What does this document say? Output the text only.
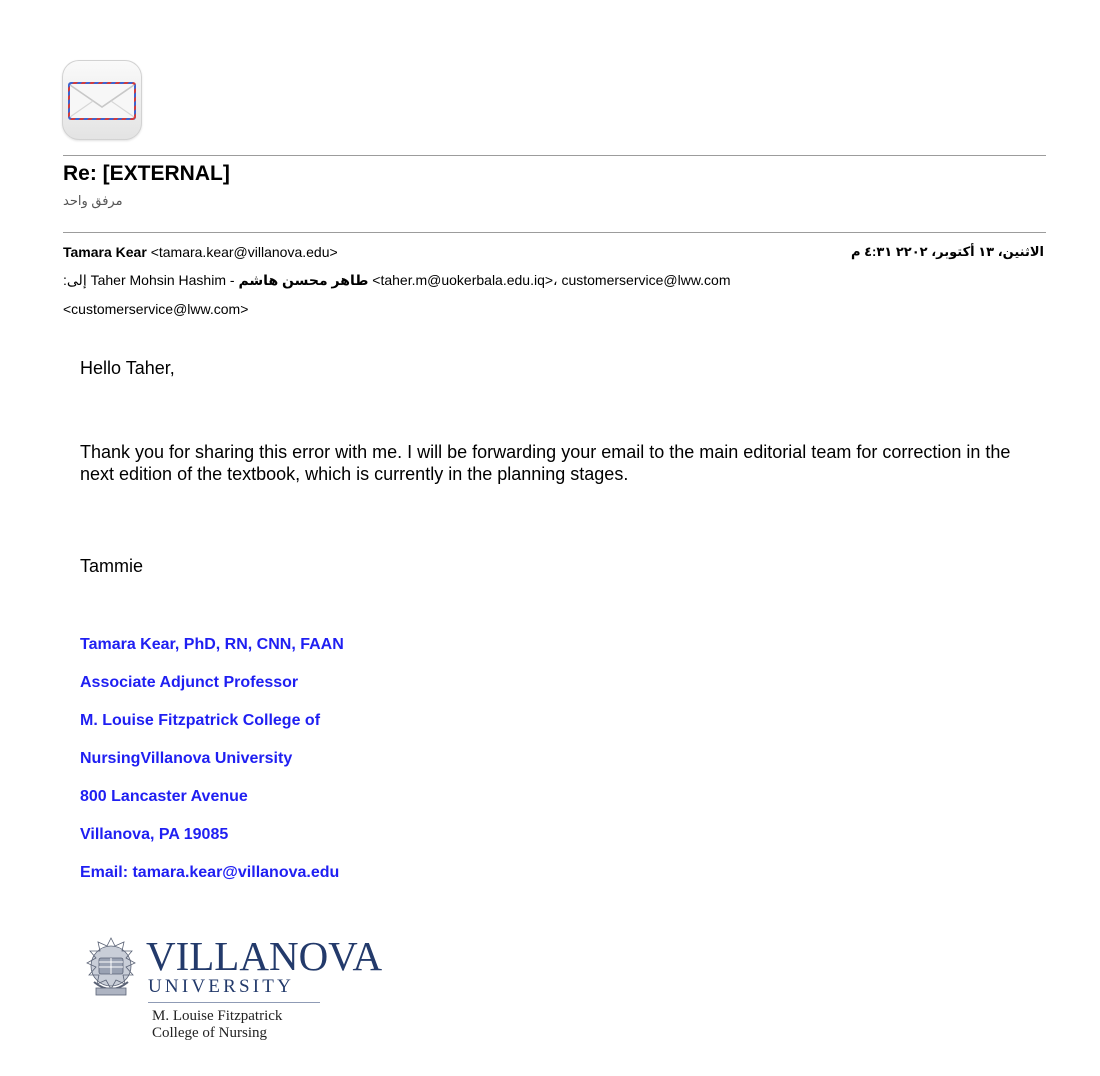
Re: [EXTERNAL]
مرفق واحد
Tamara Kear <tamara.kear@villanova.edu>	الاثنين، ١٣ أكتوبر، ٢٢٠٢ ٤:٣١ م
إلى: Taher Mohsin Hashim - طاهر محسن هاشم <taher.m@uokerbala.edu.iq>، customerservice@lww.com
<customerservice@lww.com>
Hello Taher,
Thank you for sharing this error with me. I will be forwarding your email to the main editorial team for correction in the next edition of the textbook, which is currently in the planning stages.
Tammie
Tamara Kear, PhD, RN, CNN, FAAN
Associate Adjunct Professor
M. Louise Fitzpatrick College of
NursingVillanova University
800 Lancaster Avenue
Villanova, PA 19085
Email: tamara.kear@villanova.edu
VILLANOVA
UNIVERSITY
M. Louise Fitzpatrick
College of Nursing
